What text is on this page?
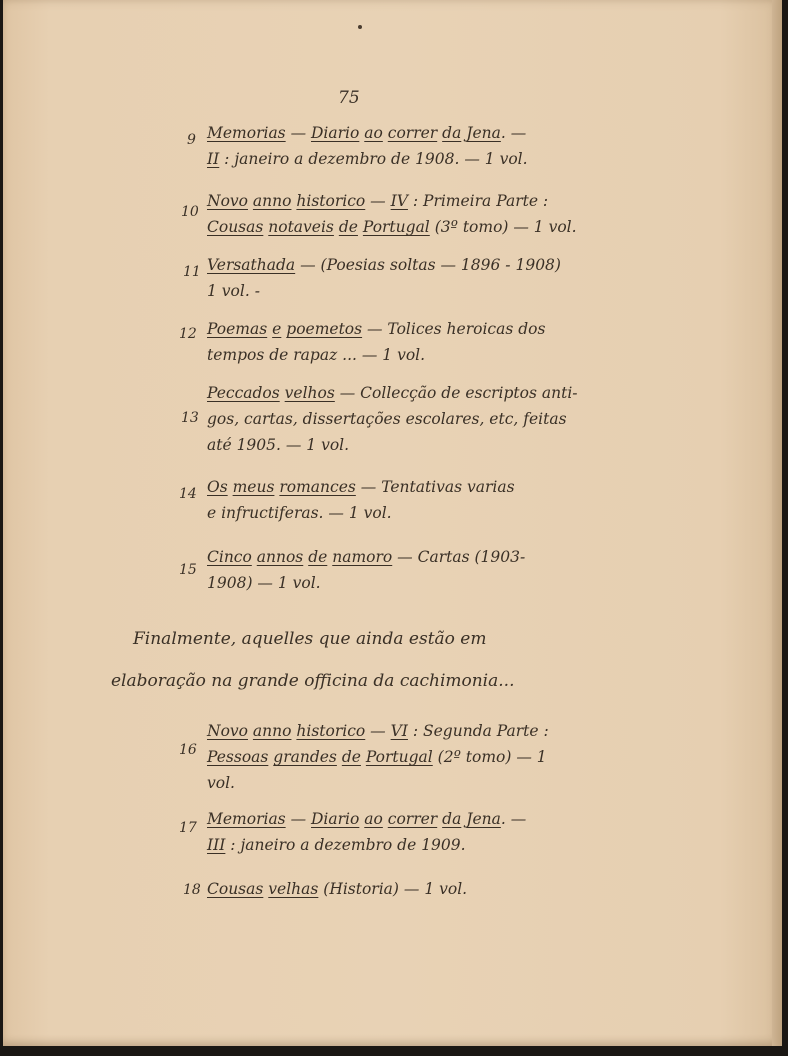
75
9 Memorias — Diario ao correr da Jena. —
II : janeiro a dezembro de 1908. — 1 vol.
10
Novo anno historico — IV : Primeira Parte :
Cousas notaveis de Portugal (3º tomo) — 1 vol.
11 Versathada — (Poesias soltas — 1896 - 1908)
1 vol. -
12 Poemas e poemetos — Tolices heroicas dos
tempos de rapaz ... — 1 vol.
13
Peccados velhos — Collecção de escriptos anti-
gos, cartas, dissertações escolares, etc, feitas
até 1905. — 1 vol.
14 Os meus romances — Tentativas varias
e infructiferas. — 1 vol.
15
Cinco annos de namoro — Cartas (1903-
1908) — 1 vol.
Finalmente, aquelles que ainda estão em
elaboração na grande officina da cachimonia...
16
Novo anno historico — VI : Segunda Parte :
Pessoas grandes de Portugal (2º tomo) — 1
vol.
17 Memorias — Diario ao correr da Jena. —
III : janeiro a dezembro de 1909.
18 Cousas velhas (Historia) — 1 vol.
